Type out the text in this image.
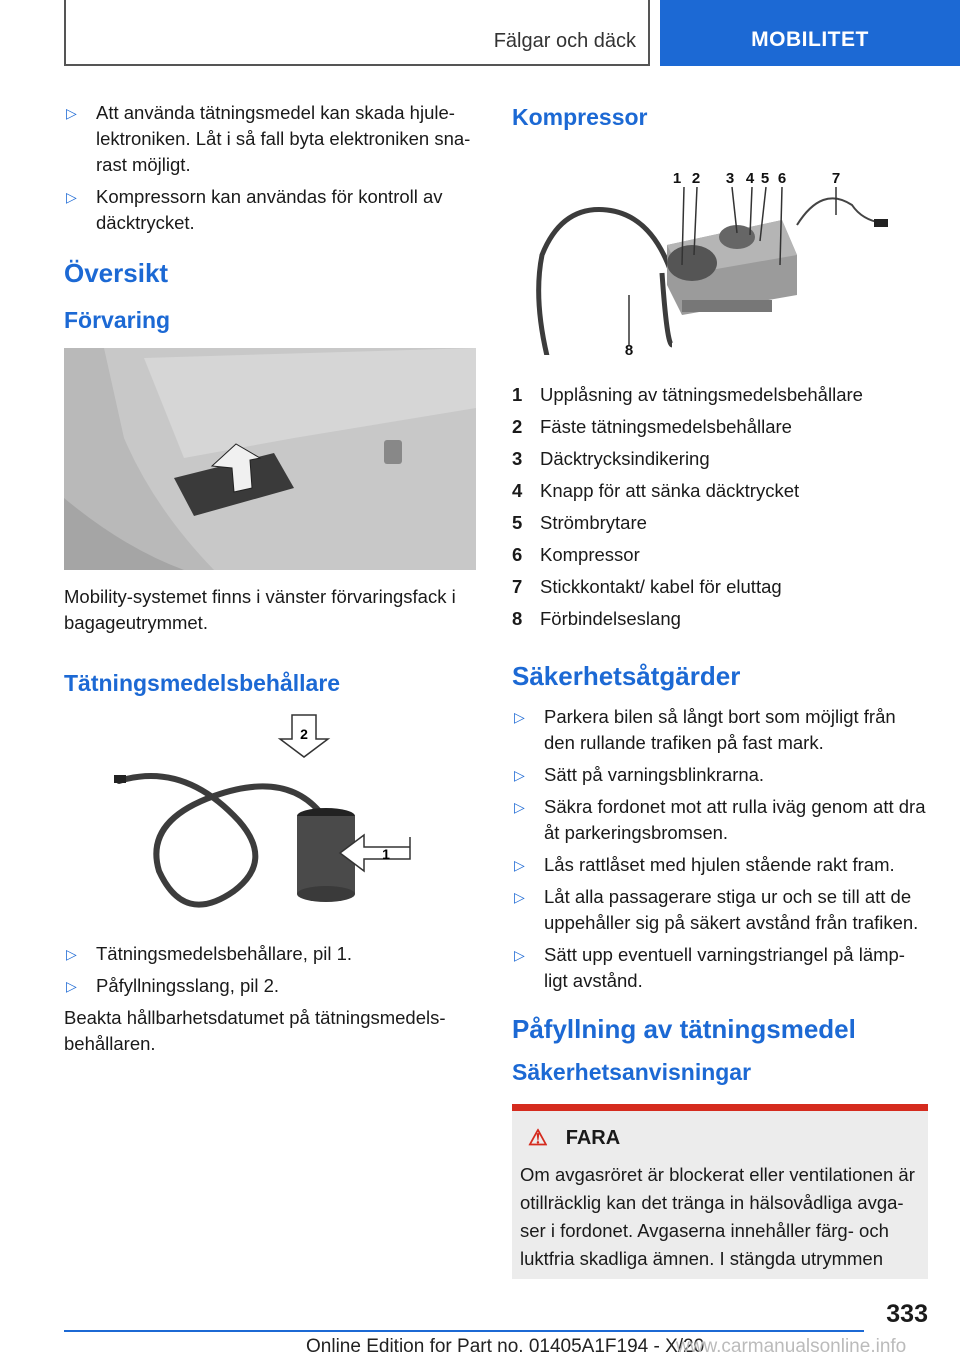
Fälgar och däck	MOBILITET
▷ Att använda tätningsmedel kan skada hjule-lektroniken. Låt i så fall byta elektroniken sna-rast möjligt.
▷ Kompressorn kan användas för kontroll av däcktrycket.
Översikt
Förvaring

Mobility-systemet finns i vänster förvaringsfack i bagageutrymmet.

Tätningsmedelsbehållare
2
1
▷ Tätningsmedelsbehållare, pil 1.
▷ Påfyllningsslang, pil 2.

Beakta hållbarhetsdatumet på tätningsmedels-behållaren.

Kompressor
1 2 3 4 5 6	7
8
1 Upplåsning av tätningsmedelsbehållare
2 Fäste tätningsmedelsbehållare
3 Däcktrycksindikering
4 Knapp för att sänka däcktrycket
5 Strömbrytare
6 Kompressor
7 Stickkontakt/ kabel för eluttag
8 Förbindelseslang
Säkerhetsåtgärder
▷ Parkera bilen så långt bort som möjligt från den rullande trafiken på fast mark.
▷ Sätt på varningsblinkrarna.
▷ Säkra fordonet mot att rulla iväg genom att dra åt parkeringsbromsen.
▷ Lås rattlåset med hjulen stående rakt fram.
▷ Låt alla passagerare stiga ur och se till att de uppehåller sig på säkert avstånd från trafiken.
▷ Sätt upp eventuell varningstriangel på lämp-ligt avstånd.
Påfyllning av tätningsmedel
Säkerhetsanvisningar
⚠ FARA
Om avgasröret är blockerat eller ventilationen är otillräcklig kan det tränga in hälsovådliga avga-ser i fordonet. Avgaserna innehåller färg- och luktfria skadliga ämnen. I stängda utrymmen
333
Online Edition for Part no. 01405A1F194 - X/20
www.carmanualsonline.info
